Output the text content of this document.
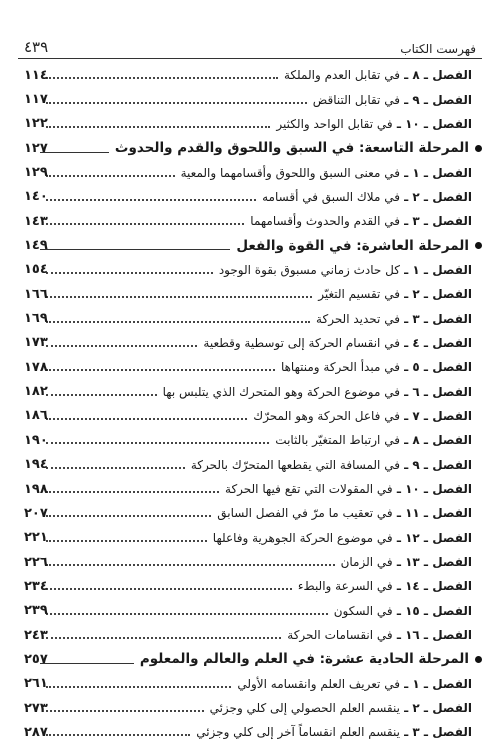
فهرست الكتاب
٤٣٩
الفصل ـ ٨ ـ في تقابل العدم والملكة
١١٤
الفصل ـ ٩ ـ في تقابل التناقض
١١٧
الفصل ـ ١٠ ـ في تقابل الواحد والكثير
١٢٢
المرحلة التاسعة: في السبق واللحوق والقدم والحدوث
١٢٧
الفصل ـ ١ ـ في معنى السبق واللحوق وأقسامهما والمعية
١٢٩
الفصل ـ ٢ ـ في ملاك السبق في أقسامه
١٤٠
الفصل ـ ٣ ـ في القدم والحدوث وأقسامهما
١٤٣
المرحلة العاشرة: في القوة والفعل
١٤٩
الفصل ـ ١ ـ كل حادث زماني مسبوق بقوة الوجود
١٥٤
الفصل ـ ٢ ـ في تقسيم التغيّر
١٦٦
الفصل ـ ٣ ـ في تحديد الحركة
١٦٩
الفصل ـ ٤ ـ في انقسام الحركة إلى توسطية وقطعية
١٧٣
الفصل ـ ٥ ـ في مبدأ الحركة ومنتهاها
١٧٨
الفصل ـ ٦ ـ في موضوع الحركة وهو المتحرك الذي يتلبس بها
١٨٢
الفصل ـ ٧ ـ في فاعل الحركة وهو المحرّك
١٨٦
الفصل ـ ٨ ـ في ارتباط المتغيّر بالثابت
١٩٠
الفصل ـ ٩ ـ في المسافة التي يقطعها المتحرّك بالحركة
١٩٤
الفصل ـ ١٠ ـ في المقولات التي تقع فيها الحركة
١٩٨
الفصل ـ ١١ ـ في تعقيب ما مرّ في الفصل السابق
٢٠٧
الفصل ـ ١٢ ـ في موضوع الحركة الجوهرية وفاعلها
٢٢١
الفصل ـ ١٣ ـ في الزمان
٢٢٦
الفصل ـ ١٤ ـ في السرعة والبطء
٢٣٤
الفصل ـ ١٥ ـ في السكون
٢٣٩
الفصل ـ ١٦ ـ في انقسامات الحركة
٢٤٣
المرحلة الحادية عشرة: في العلم والعالم والمعلوم
٢٥٧
الفصل ـ ١ ـ في تعريف العلم وانقسامه الأولي
٢٦١
الفصل ـ ٢ ـ ينقسم العلم الحصولي إلى كلي وجزئي
٢٧٣
الفصل ـ ٣ ـ ينقسم العلم انقساماً آخر إلى كلي وجزئي
٢٨٧
